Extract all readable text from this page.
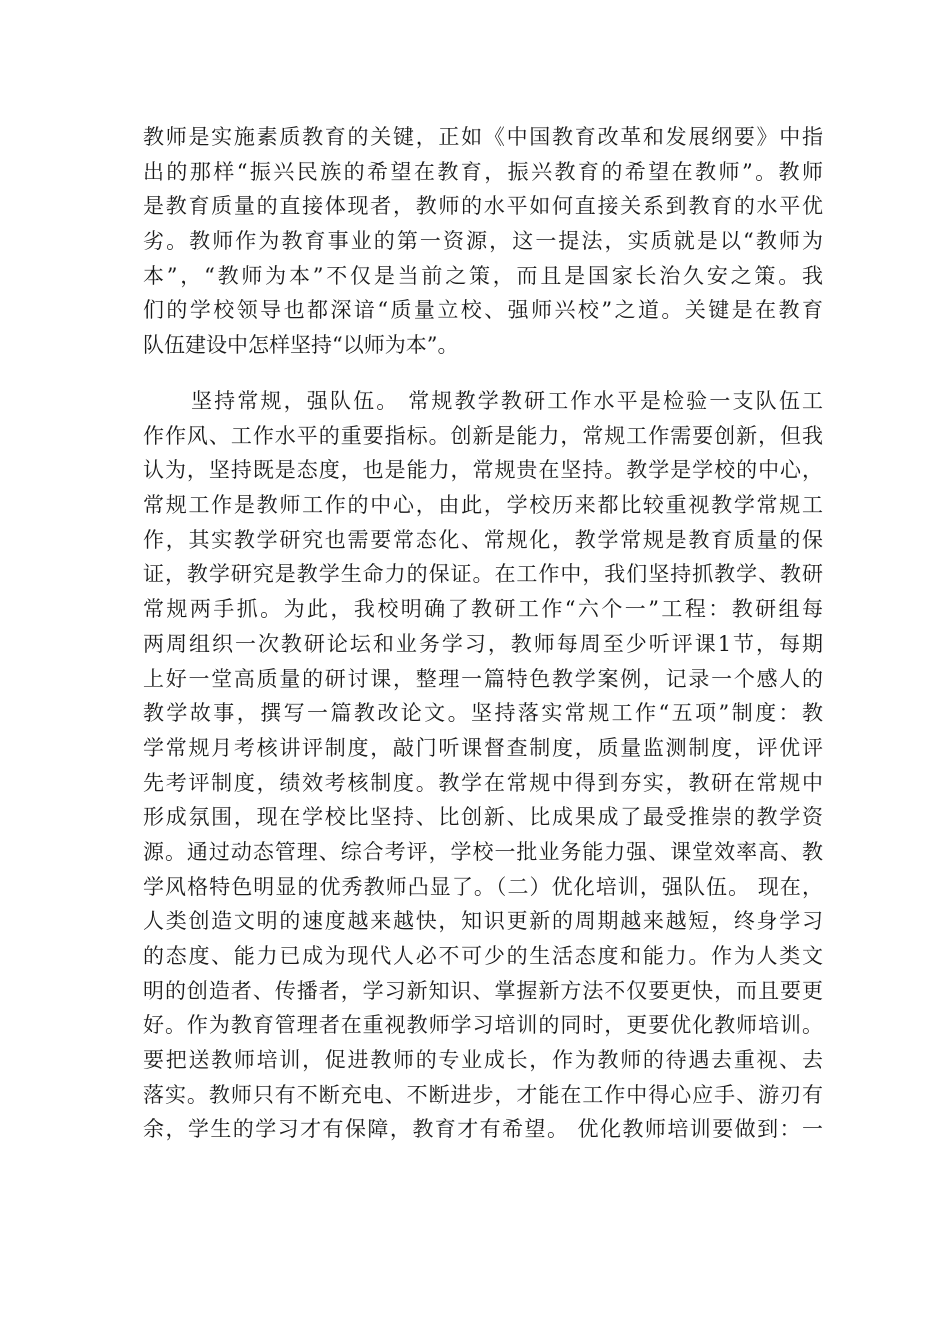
教师是实施素质教育的关键，正如《中国教育改革和发展纲要》中指
出的那样“振兴民族的希望在教育，振兴教育的希望在教师”。教师
是教育质量的直接体现者，教师的水平如何直接关系到教育的水平优
劣。教师作为教育事业的第一资源，这一提法，实质就是以“教师为
本”，“教师为本”不仅是当前之策，而且是国家长治久安之策。我
们的学校领导也都深谙“质量立校、强师兴校”之道。关键是在教育
队伍建设中怎样坚持“以师为本”。
坚持常规，强队伍。 常规教学教研工作水平是检验一支队伍工
作作风、工作水平的重要指标。创新是能力，常规工作需要创新，但我
认为，坚持既是态度，也是能力，常规贵在坚持。教学是学校的中心，
常规工作是教师工作的中心，由此，学校历来都比较重视教学常规工
作，其实教学研究也需要常态化、常规化，教学常规是教育质量的保
证，教学研究是教学生命力的保证。在工作中，我们坚持抓教学、教研
常规两手抓。为此，我校明确了教研工作“六个一”工程：教研组每
两周组织一次教研论坛和业务学习，教师每周至少听评课1节，每期
上好一堂高质量的研讨课，整理一篇特色教学案例，记录一个感人的
教学故事，撰写一篇教改论文。坚持落实常规工作“五项”制度：教
学常规月考核讲评制度，敲门听课督查制度，质量监测制度，评优评
先考评制度，绩效考核制度。教学在常规中得到夯实，教研在常规中
形成氛围，现在学校比坚持、比创新、比成果成了最受推崇的教学资
源。通过动态管理、综合考评，学校一批业务能力强、课堂效率高、教
学风格特色明显的优秀教师凸显了。（二）优化培训，强队伍。 现在，
人类创造文明的速度越来越快，知识更新的周期越来越短，终身学习
的态度、能力已成为现代人必不可少的生活态度和能力。作为人类文
明的创造者、传播者，学习新知识、掌握新方法不仅要更快，而且要更
好。作为教育管理者在重视教师学习培训的同时，更要优化教师培训。
要把送教师培训，促进教师的专业成长，作为教师的待遇去重视、去
落实。教师只有不断充电、不断进步，才能在工作中得心应手、游刃有
余，学生的学习才有保障，教育才有希望。 优化教师培训要做到：一
